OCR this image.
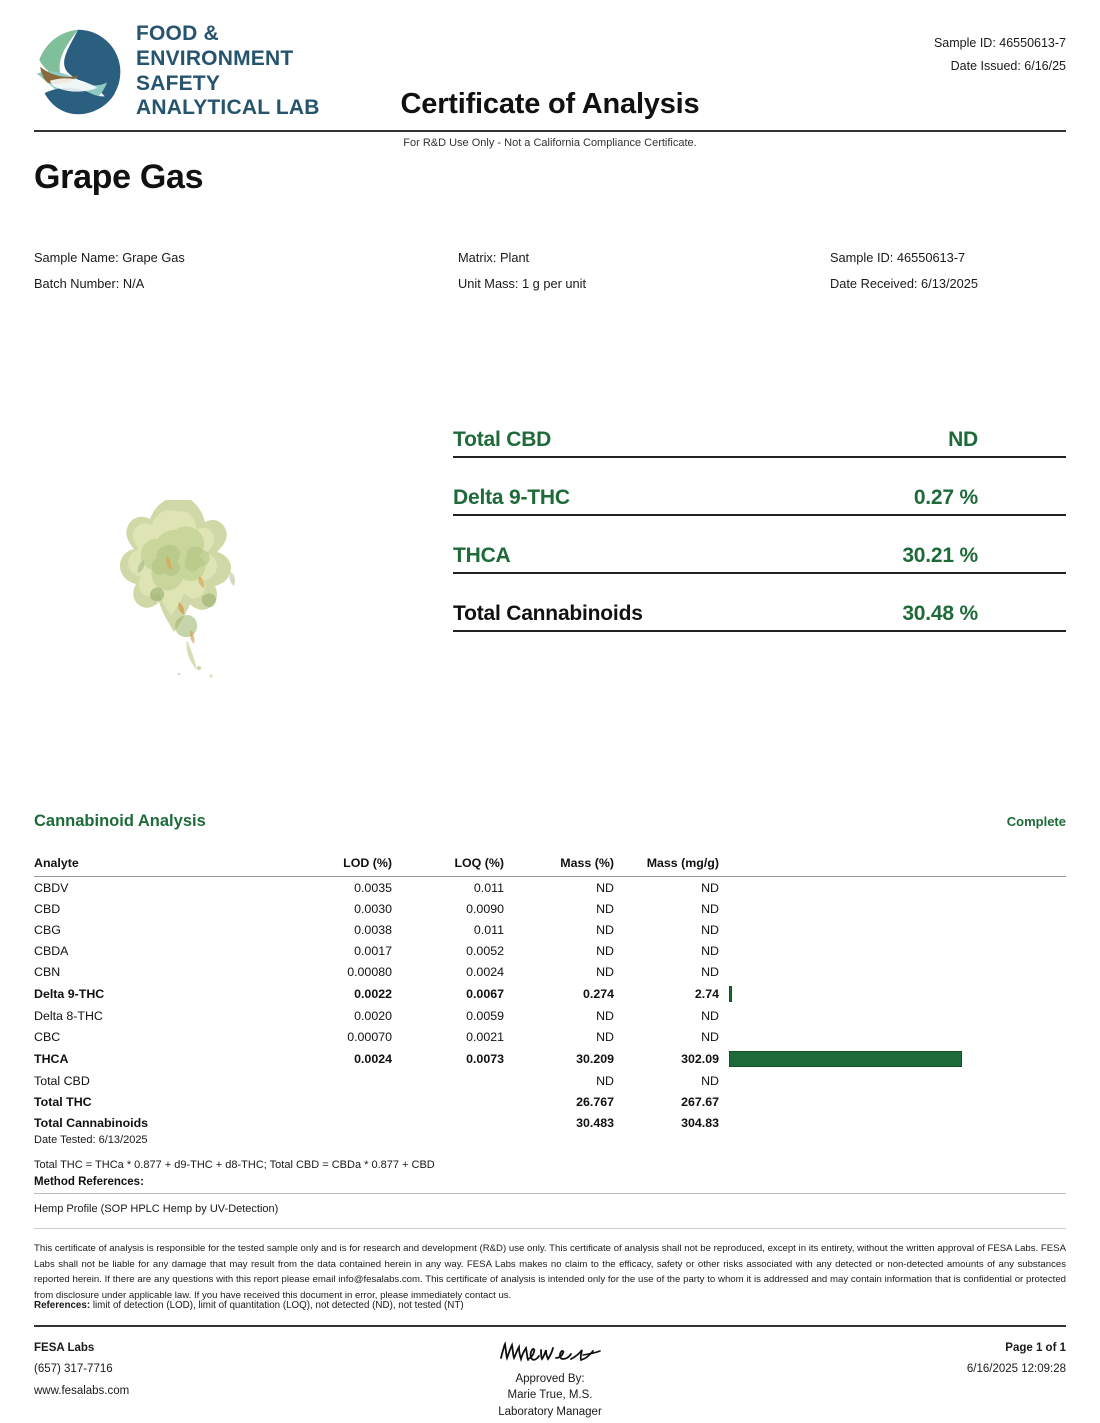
FOOD &
ENVIRONMENT
SAFETY
ANALYTICAL LAB	Certificate of Analysis
Sample ID: 46550613-7
Date Issued: 6/16/25
For R&D Use Only - Not a California Compliance Certificate.
Grape Gas
Sample Name: Grape Gas
Batch Number: N/A
Matrix: Plant
Unit Mass: 1 g per unit
Sample ID: 46550613-7
Date Received: 6/13/2025
Total CBD	ND
Delta 9-THC	0.27 %
THCA	30.21 %
Total Cannabinoids	30.48 %
Cannabinoid Analysis	Complete
Analyte	LOD (%)	LOQ (%)	Mass (%)	Mass (mg/g)	
CBDV	0.0035	0.011	ND	ND	
CBD	0.0030	0.0090	ND	ND	
CBG	0.0038	0.011	ND	ND	
CBDA	0.0017	0.0052	ND	ND	
CBN	0.00080	0.0024	ND	ND	
Delta 9-THC	0.0022	0.0067	0.274	2.74	

Delta 8-THC	0.0020	0.0059	ND	ND	
CBC	0.00070	0.0021	ND	ND	
THCA	0.0024	0.0073	30.209	302.09	

Total CBD			ND	ND	
Total THC			26.767	267.67	
Total Cannabinoids			30.483	304.83	
Date Tested: 6/13/2025
Total THC = THCa * 0.877 + d9-THC + d8-THC; Total CBD = CBDa * 0.877 + CBD
Method References:
Hemp Profile (SOP HPLC Hemp by UV-Detection)
This certificate of analysis is responsible for the tested sample only and is for research and development (R&D) use only. This certificate of analysis shall not be reproduced, except in its entirety, without the written approval of FESA Labs. FESA Labs shall not be liable for any damage that may result from the data contained herein in any way. FESA Labs makes no claim to the efficacy, safety or other risks associated with any detected or non-detected amounts of any substances reported herein. If there are any questions with this report please email info@fesalabs.com. This certificate of analysis is intended only for the use of the party to whom it is addressed and may contain information that is confidential or protected from disclosure under applicable law. If you have received this document in error, please immediately contact us.
References: limit of detection (LOD), limit of quantitation (LOQ), not detected (ND), not tested (NT)
FESA Labs
(657) 317-7716
www.fesalabs.com
Approved By:
Marie True, M.S.
Laboratory Manager
Page 1 of 1
6/16/2025 12:09:28
